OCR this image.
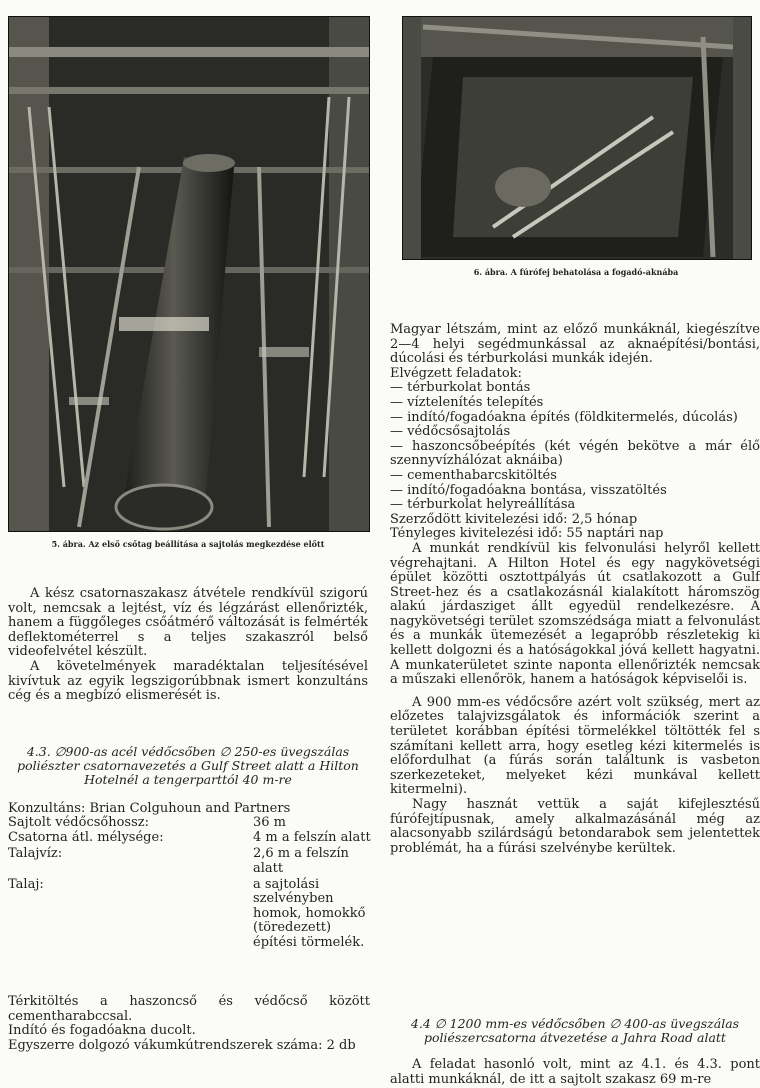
5. ábra. Az első csőtag beállítása a sajtolás megkezdése előtt

A kész csatornaszakasz átvétele rendkívül szigorú volt, nemcsak a lejtést, víz és légzárást ellenőrizték, hanem a függőleges csőátmérő változását is felmérték deflektométerrel s a teljes szakaszról belső videofelvétel készült.

A követelmények maradéktalan teljesítésével kivívtuk az egyik legszigorúbbnak ismert konzultáns cég és a megbízó elismerését is.

4.3. ∅900-as acél védőcsőben ∅ 250-es üvegszálas poliészter csatornavezetés a Gulf Street alatt a Hilton Hotelnél a tengerparttól 40 m-re
Konzultáns: Brian Colguhoun and Partners
Sajtolt védőcsőhossz:	36 m
Csatorna átl. mélysége:	4 m a felszín alatt
Talajvíz:	2,6 m a felszín alatt
Talaj:	a sajtolási szelvényben homok, homokkő (töredezett) építési törmelék.

Térkitöltés a haszoncső és védőcső között cementharabccsal.

Indító és fogadóakna ducolt.

Egyszerre dolgozó vákumkútrendszerek száma: 2 db

6. ábra. A fúrófej behatolása a fogadó-aknába

Magyar létszám, mint az előző munkáknál, kiegészítve 2—4 helyi segédmunkással az aknaépítési/bontási, dúcolási és térburkolási munkák idején.

Elvégzett feladatok:

— térburkolat bontás
— víztelenítés telepítés
— indító/fogadóakna építés (földkitermelés, dúcolás)
— védőcsősajtolás
— haszoncsőbeépítés (két végén bekötve a már élő szennyvízhálózat aknáiba)
— cementhabarcskitöltés
— indító/fogadóakna bontása, visszatöltés
— térburkolat helyreállítása

Szerződött kivitelezési idő: 2,5 hónap

Tényleges kivitelezési idő: 55 naptári nap

A munkát rendkívül kis felvonulási helyről kellett végrehajtani. A Hilton Hotel és egy nagykövetségi épület közötti osztottpályás út csatlakozott a Gulf Street-hez és a csatlakozásnál kialakított háromszög alakú járdasziget állt egyedül rendelkezésre. A nagykövetségi terület szomszédsága miatt a felvonulást és a munkák ütemezését a legapróbb részletekig ki kellett dolgozni és a hatóságokkal jóvá kellett hagyatni. A munkaterületet szinte naponta ellenőrizték nemcsak a műszaki ellenőrök, hanem a hatóságok képviselői is.

A 900 mm-es védőcsőre azért volt szükség, mert az előzetes talajvizsgálatok és információk szerint a területet korábban építési törmelékkel töltötték fel s számítani kellett arra, hogy esetleg kézi kitermelés is előfordulhat (a fúrás során találtunk is vasbeton szerkezeteket, melyeket kézi munkával kellett kitermelni).

Nagy hasznát vettük a saját kifejlesztésű fúrófejtípusnak, amely alkalmazásánál még az alacsonyabb szilárdságú betondarabok sem jelentettek problémát, ha a fúrási szelvénybe kerültek.

4.4 ∅ 1200 mm-es védőcsőben ∅ 400-as üvegszálas poliészercsatorna átvezetése a Jahra Road alatt

A feladat hasonló volt, mint az 4.1. és 4.3. pont alatti munkáknál, de itt a sajtolt szakasz 69 m-re
